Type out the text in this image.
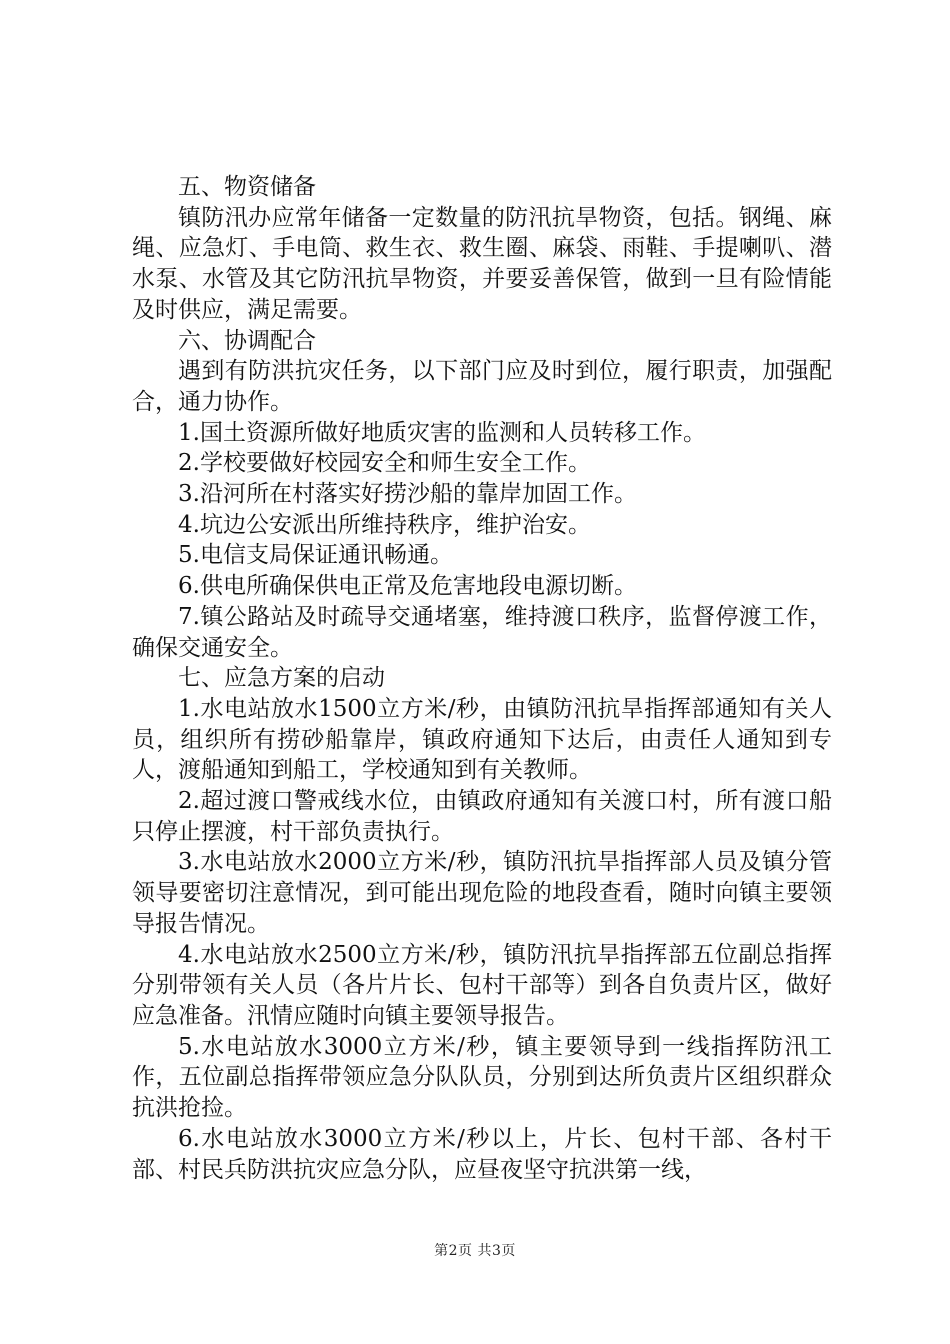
五、物资储备

镇防汛办应常年储备一定数量的防汛抗旱物资，包括。钢绳、麻绳、应急灯、手电筒、救生衣、救生圈、麻袋、雨鞋、手提喇叭、潜水泵、水管及其它防汛抗旱物资，并要妥善保管，做到一旦有险情能及时供应，满足需要。

六、协调配合

遇到有防洪抗灾任务，以下部门应及时到位，履行职责，加强配合，通力协作。

1.国土资源所做好地质灾害的监测和人员转移工作。

2.学校要做好校园安全和师生安全工作。

3.沿河所在村落实好捞沙船的靠岸加固工作。

4.坑边公安派出所维持秩序，维护治安。

5.电信支局保证通讯畅通。

6.供电所确保供电正常及危害地段电源切断。

7.镇公路站及时疏导交通堵塞，维持渡口秩序，监督停渡工作，确保交通安全。

七、应急方案的启动

1.水电站放水1500立方米/秒，由镇防汛抗旱指挥部通知有关人员，组织所有捞砂船靠岸，镇政府通知下达后，由责任人通知到专人，渡船通知到船工，学校通知到有关教师。

2.超过渡口警戒线水位，由镇政府通知有关渡口村，所有渡口船只停止摆渡，村干部负责执行。

3.水电站放水2000立方米/秒，镇防汛抗旱指挥部人员及镇分管领导要密切注意情况，到可能出现危险的地段查看，随时向镇主要领导报告情况。

4.水电站放水2500立方米/秒，镇防汛抗旱指挥部五位副总指挥分别带领有关人员（各片片长、包村干部等）到各自负责片区，做好应急准备。汛情应随时向镇主要领导报告。

5.水电站放水3000立方米/秒，镇主要领导到一线指挥防汛工作，五位副总指挥带领应急分队队员，分别到达所负责片区组织群众抗洪抢捡。

6.水电站放水3000立方米/秒以上，片长、包村干部、各村干部、村民兵防洪抗灾应急分队，应昼夜坚守抗洪第一线，

第2页 共3页
